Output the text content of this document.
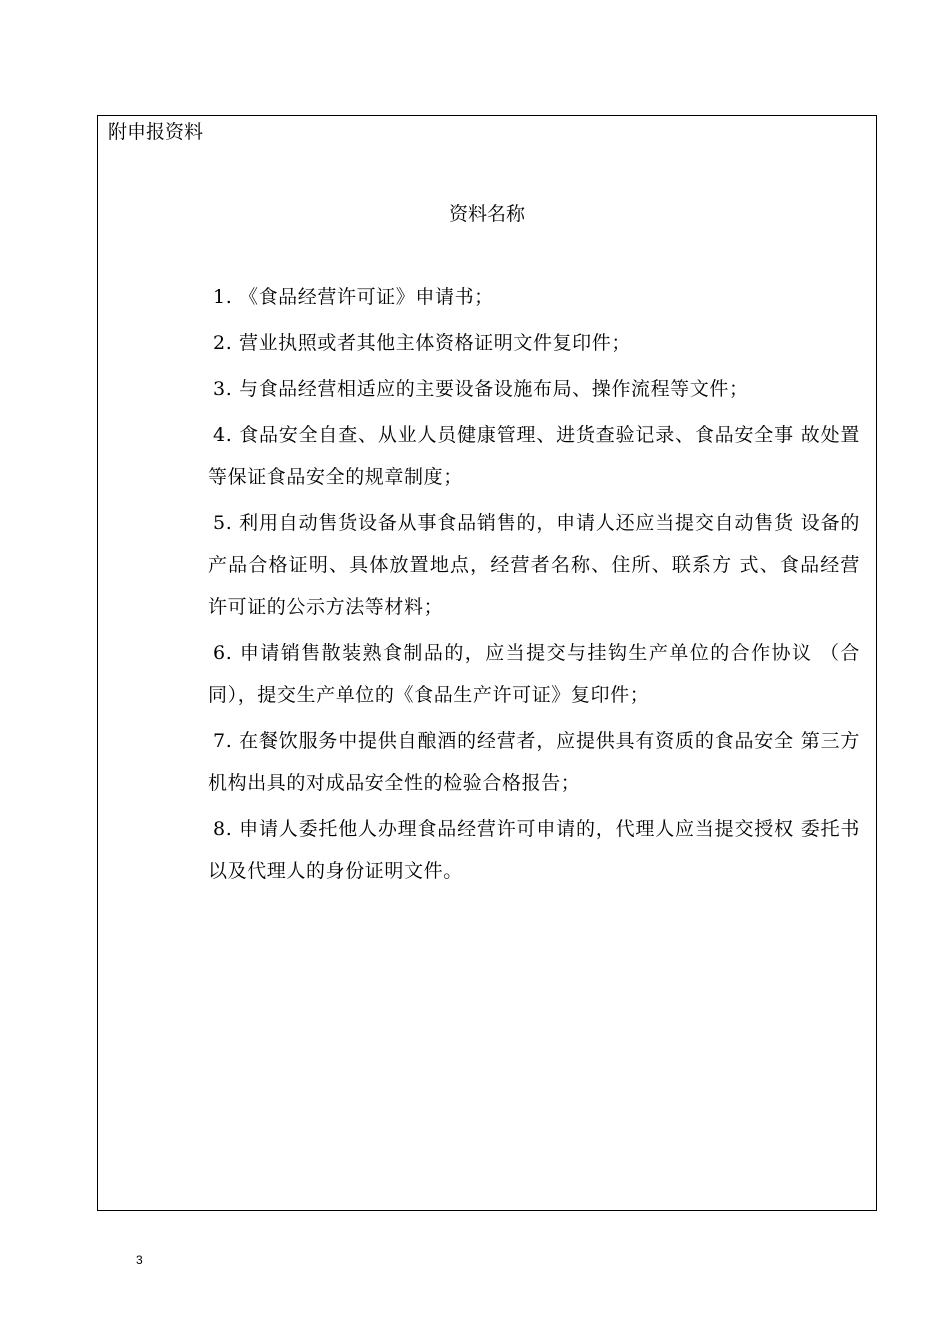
附申报资料
资料名称
1. 《食品经营许可证》申请书；
2. 营业执照或者其他主体资格证明文件复印件；
3. 与食品经营相适应的主要设备设施布局、操作流程等文件；
4. 食品安全自查、从业人员健康管理、进货查验记录、食品安全事 故处置等保证食品安全的规章制度；
5. 利用自动售货设备从事食品销售的，申请人还应当提交自动售货 设备的产品合格证明、具体放置地点，经营者名称、住所、联系方 式、食品经营许可证的公示方法等材料；
6. 申请销售散装熟食制品的，应当提交与挂钩生产单位的合作协议 （合同），提交生产单位的《食品生产许可证》复印件；
7. 在餐饮服务中提供自酿酒的经营者，应提供具有资质的食品安全 第三方机构出具的对成品安全性的检验合格报告；
8. 申请人委托他人办理食品经营许可申请的，代理人应当提交授权 委托书以及代理人的身份证明文件。
3
